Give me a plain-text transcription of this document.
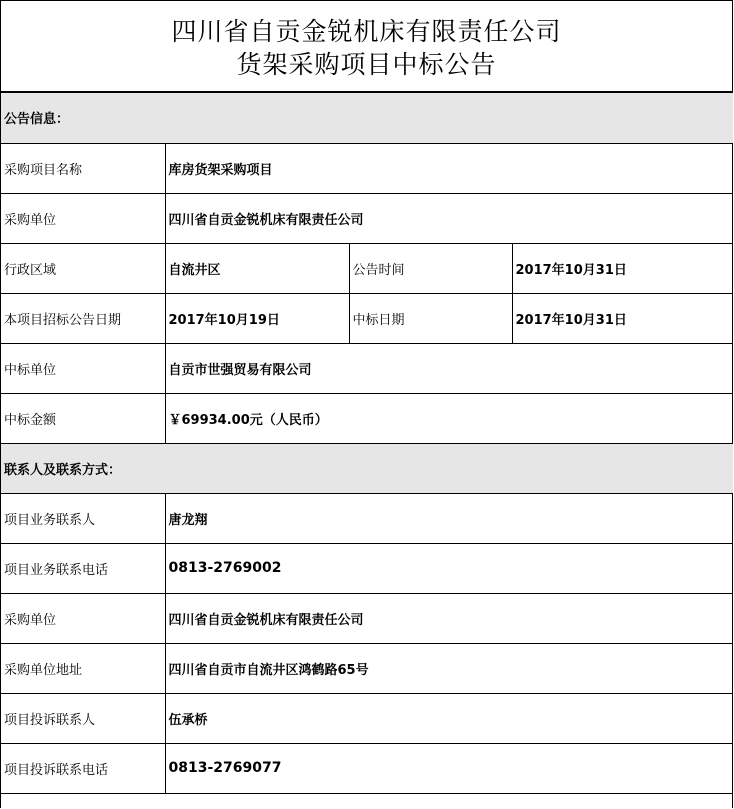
四川省自贡金锐机床有限责任公司
货架采购项目中标公告
公告信息：			
采购项目名称	库房货架采购项目		
采购单位	四川省自贡金锐机床有限责任公司		
行政区域	自流井区	公告时间	2017年10月31日
本项目招标公告日期	2017年10月19日	中标日期	2017年10月31日
中标单位	自贡市世强贸易有限公司		
中标金额	￥69934.00元（人民币）		
联系人及联系方式：			
项目业务联系人	唐龙翔		
项目业务联系电话	0813-2769002		
采购单位	四川省自贡金锐机床有限责任公司		
采购单位地址	四川省自贡市自流井区鸿鹤路65号		
项目投诉联系人	伍承桥		
项目投诉联系电话	0813-2769077		
